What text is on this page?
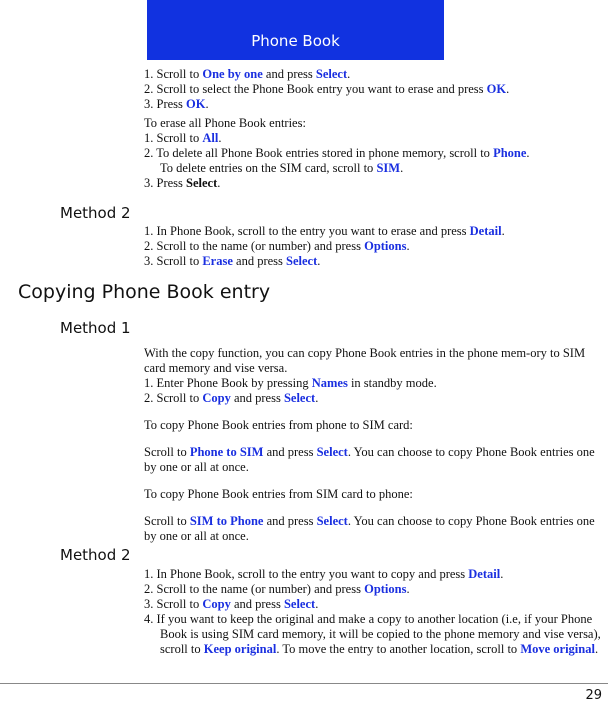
Phone Book
1. Scroll to One by one and press Select.
2. Scroll to select the Phone Book entry you want to erase and press OK.
3. Press OK.
To erase all Phone Book entries:
1. Scroll to All.
2. To delete all Phone Book entries stored in phone memory, scroll to Phone.
To delete entries on the SIM card, scroll to SIM.
3. Press Select.
Method 2
1. In Phone Book, scroll to the entry you want to erase and press Detail.
2. Scroll to the name (or number) and press Options.
3. Scroll to Erase and press Select.
Copying Phone Book entry
Method 1
With the copy function, you can copy Phone Book entries in the phone mem-ory to SIM card memory and vise versa.
1. Enter Phone Book by pressing Names in standby mode.
2. Scroll to Copy and press Select.
To copy Phone Book entries from phone to SIM card:
Scroll to Phone to SIM and press Select. You can choose to copy Phone Book entries one by one or all at once.
To copy Phone Book entries from SIM card to phone:
Scroll to SIM to Phone and press Select. You can choose to copy Phone Book entries one by one or all at once.
Method 2
1. In Phone Book, scroll to the entry you want to copy and press Detail.
2. Scroll to the name (or number) and press Options.
3. Scroll to Copy and press Select.
4. If you want to keep the original and make a copy to another location (i.e, if your Phone Book is using SIM card memory, it will be copied to the phone memory and vise versa), scroll to Keep original. To move the entry to another location, scroll to Move original.
29
